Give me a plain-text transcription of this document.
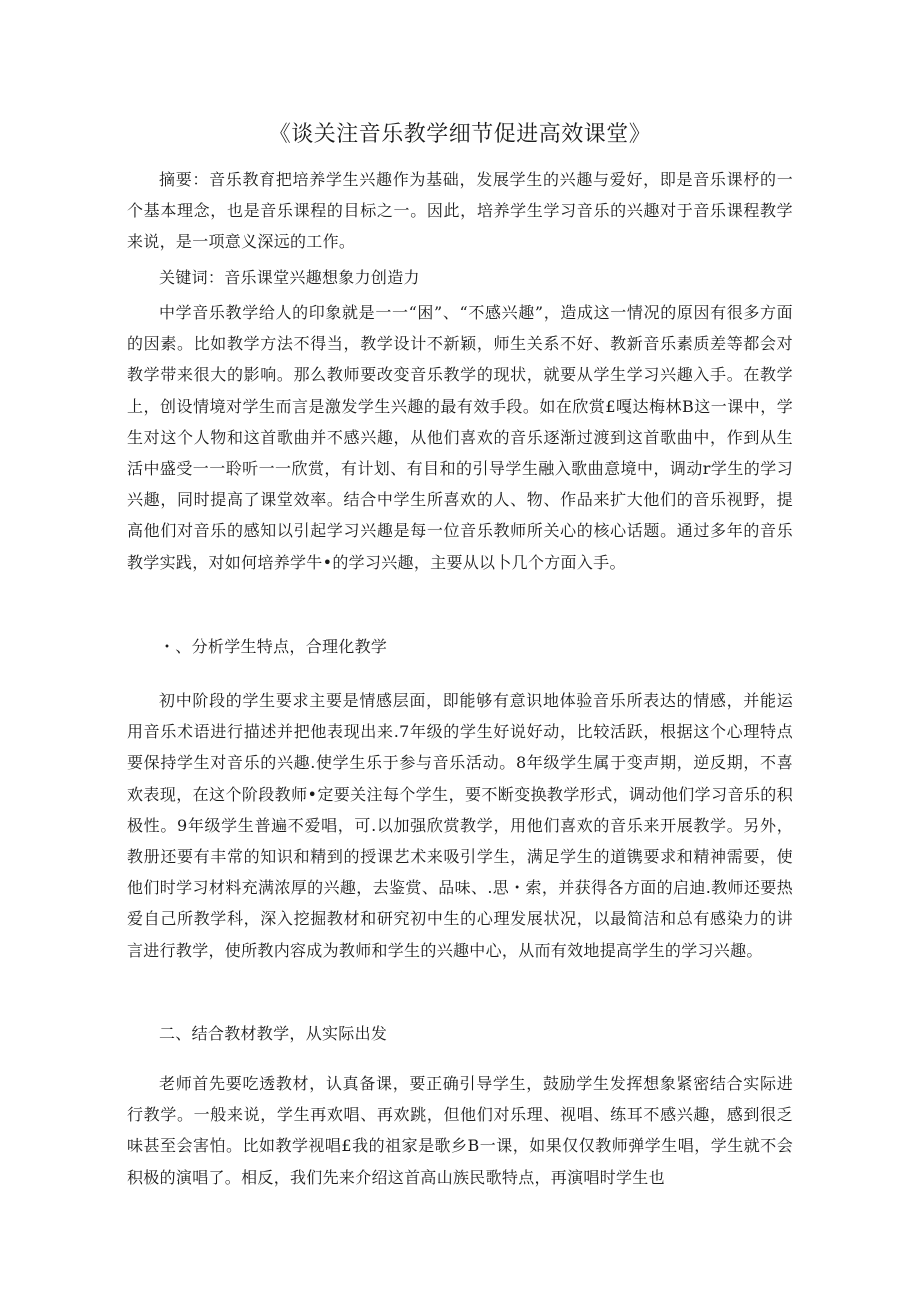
《谈关注音乐教学细节促进高效课堂》

摘要：音乐教育把培养学生兴趣作为基础，发展学生的兴趣与爱好，即是音乐课杼的一个基本理念，也是音乐课程的目标之一。因此，培养学生学习音乐的兴趣对于音乐课程教学来说，是一项意义深远的工作。

关键词：音乐课堂兴趣想象力创造力

中学音乐教学给人的印象就是一一“困”、“不感兴趣”，造成这一情况的原因有很多方面的因素。比如教学方法不得当，教学设计不新颖，师生关系不好、教新音乐素质差等都会对教学带来很大的影响。那么教师要改变音乐教学的现状，就要从学生学习兴趣入手。在教学上，创设情境对学生而言是激发学生兴趣的最有效手段。如在欣赏£嘎达梅林B这一课中，学生对这个人物和这首歌曲并不感兴趣，从他们喜欢的音乐逐渐过渡到这首歌曲中，作到从生活中盛受一一聆听一一欣赏，有计划、有目和的引导学生融入歌曲意境中，调动r学生的学习兴趣，同时提高了课堂效率。结合中学生所喜欢的人、物、作品来扩大他们的音乐视野，提高他们对音乐的感知以引起学习兴趣是每一位音乐教师所关心的核心话题。通过多年的音乐教学实践，对如何培养学牛•的学习兴趣，主要从以卜几个方面入手。

・、分析学生特点，合理化教学

初中阶段的学生要求主要是情感层面，即能够有意识地体验音乐所表达的情感，并能运用音乐术语进行描述并把他表现出来.7年级的学生好说好动，比较活跃，根据这个心理特点要保持学生对音乐的兴趣.使学生乐于参与音乐活动。8年级学生属于变声期，逆反期，不喜欢表现，在这个阶段教师•定要关注每个学生，要不断变换教学形式，调动他们学习音乐的积极性。9年级学生普遍不爱唱，可.以加强欣赏教学，用他们喜欢的音乐来开展教学。另外，教册还要有丰常的知识和精到的授课艺术来吸引学生，满足学生的道镌要求和精神需要，使他们时学习材料充满浓厚的兴趣，去鉴赏、品味、.思・索，并获得各方面的启迪.教师还要热爱自己所教学科，深入挖掘教材和研究初中生的心理发展状况，以最简洁和总有感染力的讲言进行教学，使所教内容成为教师和学生的兴趣中心，从而有效地提高学生的学习兴趣。

二、结合教材教学，从实际出发

老师首先要吃透教材，认真备课，要正确引导学生，鼓励学生发挥想象紧密结合实际进行教学。一般来说，学生再欢唱、再欢跳，但他们对乐理、视唱、练耳不感兴趣，感到很乏味甚至会害怕。比如教学视唱£我的祖家是歌乡B一课，如果仅仅教师弹学生唱，学生就不会积极的演唱了。相反，我们先来介绍这首高山族民歌特点，再演唱时学生也
